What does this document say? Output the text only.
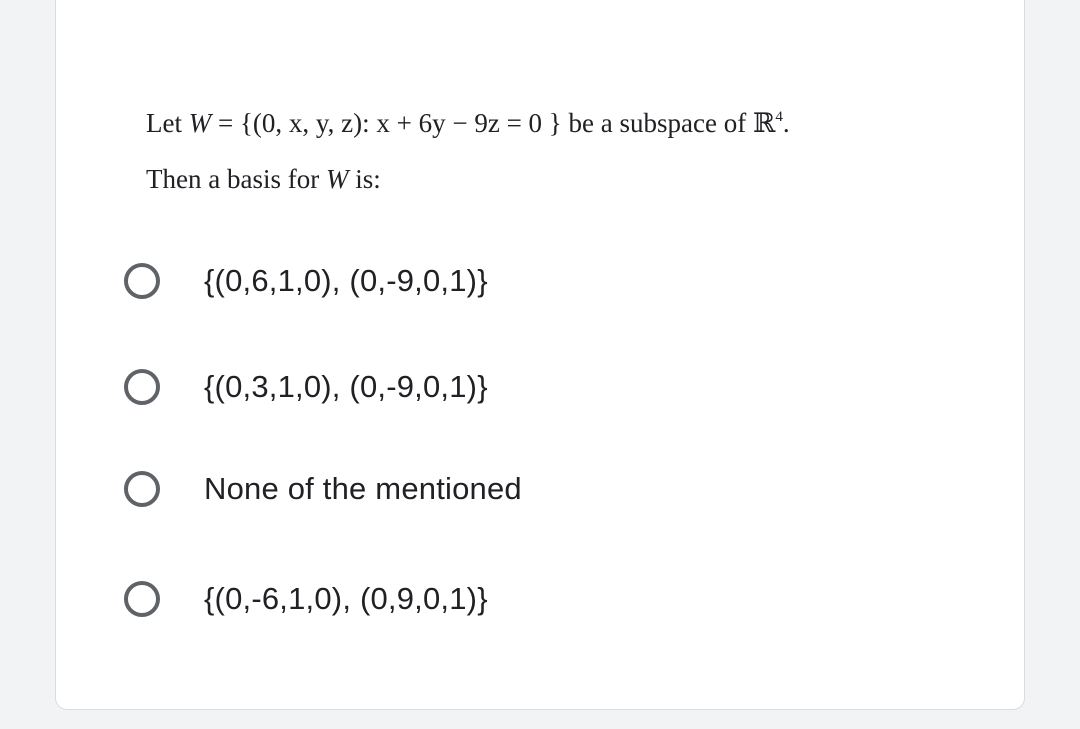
Let W = {(0, x, y, z): x + 6y − 9z = 0 } be a subspace of ℝ$^4$.
Then a basis for W is:
{(0,6,1,0), (0,-9,0,1)}
{(0,3,1,0), (0,-9,0,1)}
None of the mentioned
{(0,-6,1,0), (0,9,0,1)}
